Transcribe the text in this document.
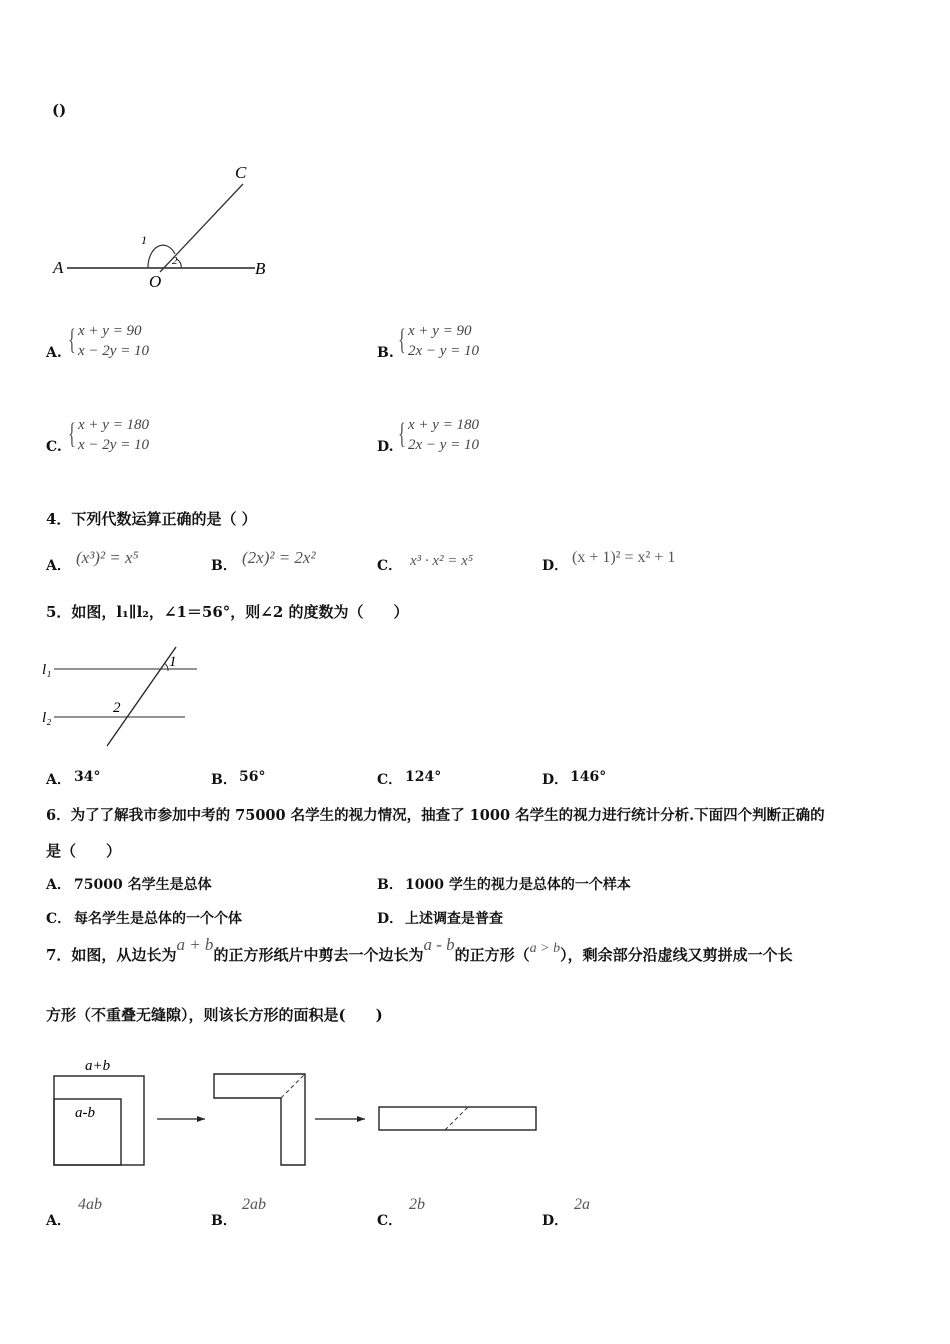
()
A	B
C
O
1
2
A.
{ x + y = 90
x − 2y = 10	B.
{ x + y = 90
2x − y = 10
C.
{ x + y = 180
x − 2y = 10	D.
{ x + y = 180
2x − y = 10
4．下列代数运算正确的是（ ）
A． (x³)² = x⁵	B． (2x)² = 2x²	C． x³ · x² = x⁵	D． (x + 1)² = x² + 1
5．如图，l₁∥l₂，∠1＝56°，则∠2 的度数为（　　）
l₁
l₂
1
2
A． 34°	B． 56°	C． 124°	D． 146°
6．为了了解我市参加中考的 75000 名学生的视力情况，抽查了 1000 名学生的视力进行统计分析.下面四个判断正确的
是（　　）
A． 75000 名学生是总体	B． 1000 学生的视力是总体的一个样本
C． 每名学生是总体的一个个体	D． 上述调查是普查
7．如图，从边长为a + b的正方形纸片中剪去一个边长为a - b的正方形（a > b），剩余部分沿虚线又剪拼成一个长
方形（不重叠无缝隙），则该长方形的面积是(　　)
a+b
a-b
A．
4ab
B．
2ab
C．
2b
D．
2a
